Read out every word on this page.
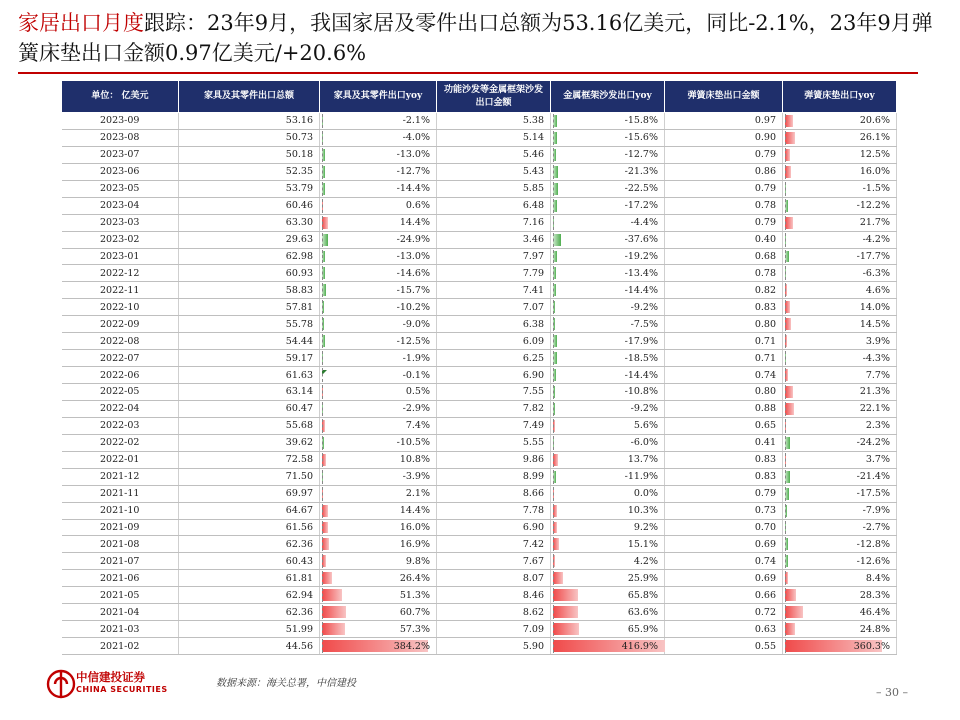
家居出口月度跟踪：23年9月，我国家居及零件出口总额为53.16亿美元，同比-2.1%，23年9月弹簧床垫出口金额0.97亿美元/+20.6%
单位： 亿美元	家具及其零件出口总额	家具及其零件出口yoy	功能沙发等金属框架沙发出口金额	金属框架沙发出口yoy	弹簧床垫出口金额	弹簧床垫出口yoy
2023-09	53.16	-2.1%	5.38	-15.8%	0.97	20.6%
2023-08	50.73	-4.0%	5.14	-15.6%	0.90	26.1%
2023-07	50.18	-13.0%	5.46	-12.7%	0.79	12.5%
2023-06	52.35	-12.7%	5.43	-21.3%	0.86	16.0%
2023-05	53.79	-14.4%	5.85	-22.5%	0.79	-1.5%
2023-04	60.46	0.6%	6.48	-17.2%	0.78	-12.2%
2023-03	63.30	14.4%	7.16	-4.4%	0.79	21.7%
2023-02	29.63	-24.9%	3.46	-37.6%	0.40	-4.2%
2023-01	62.98	-13.0%	7.97	-19.2%	0.68	-17.7%
2022-12	60.93	-14.6%	7.79	-13.4%	0.78	-6.3%
2022-11	58.83	-15.7%	7.41	-14.4%	0.82	4.6%
2022-10	57.81	-10.2%	7.07	-9.2%	0.83	14.0%
2022-09	55.78	-9.0%	6.38	-7.5%	0.80	14.5%
2022-08	54.44	-12.5%	6.09	-17.9%	0.71	3.9%
2022-07	59.17	-1.9%	6.25	-18.5%	0.71	-4.3%
2022-06	61.63	-0.1%	6.90	-14.4%	0.74	7.7%
2022-05	63.14	0.5%	7.55	-10.8%	0.80	21.3%
2022-04	60.47	-2.9%	7.82	-9.2%	0.88	22.1%
2022-03	55.68	7.4%	7.49	5.6%	0.65	2.3%
2022-02	39.62	-10.5%	5.55	-6.0%	0.41	-24.2%
2022-01	72.58	10.8%	9.86	13.7%	0.83	3.7%
2021-12	71.50	-3.9%	8.99	-11.9%	0.83	-21.4%
2021-11	69.97	2.1%	8.66	0.0%	0.79	-17.5%
2021-10	64.67	14.4%	7.78	10.3%	0.73	-7.9%
2021-09	61.56	16.0%	6.90	9.2%	0.70	-2.7%
2021-08	62.36	16.9%	7.42	15.1%	0.69	-12.8%
2021-07	60.43	9.8%	7.67	4.2%	0.74	-12.6%
2021-06	61.81	26.4%	8.07	25.9%	0.69	8.4%
2021-05	62.94	51.3%	8.46	65.8%	0.66	28.3%
2021-04	62.36	60.7%	8.62	63.6%	0.72	46.4%
2021-03	51.99	57.3%	7.09	65.9%	0.63	24.8%
2021-02	44.56	384.2%	5.90	416.9%	0.55	360.3%
中信建投证券
CHINA SECURITIES
数据来源：海关总署，中信建投
– 30 –
